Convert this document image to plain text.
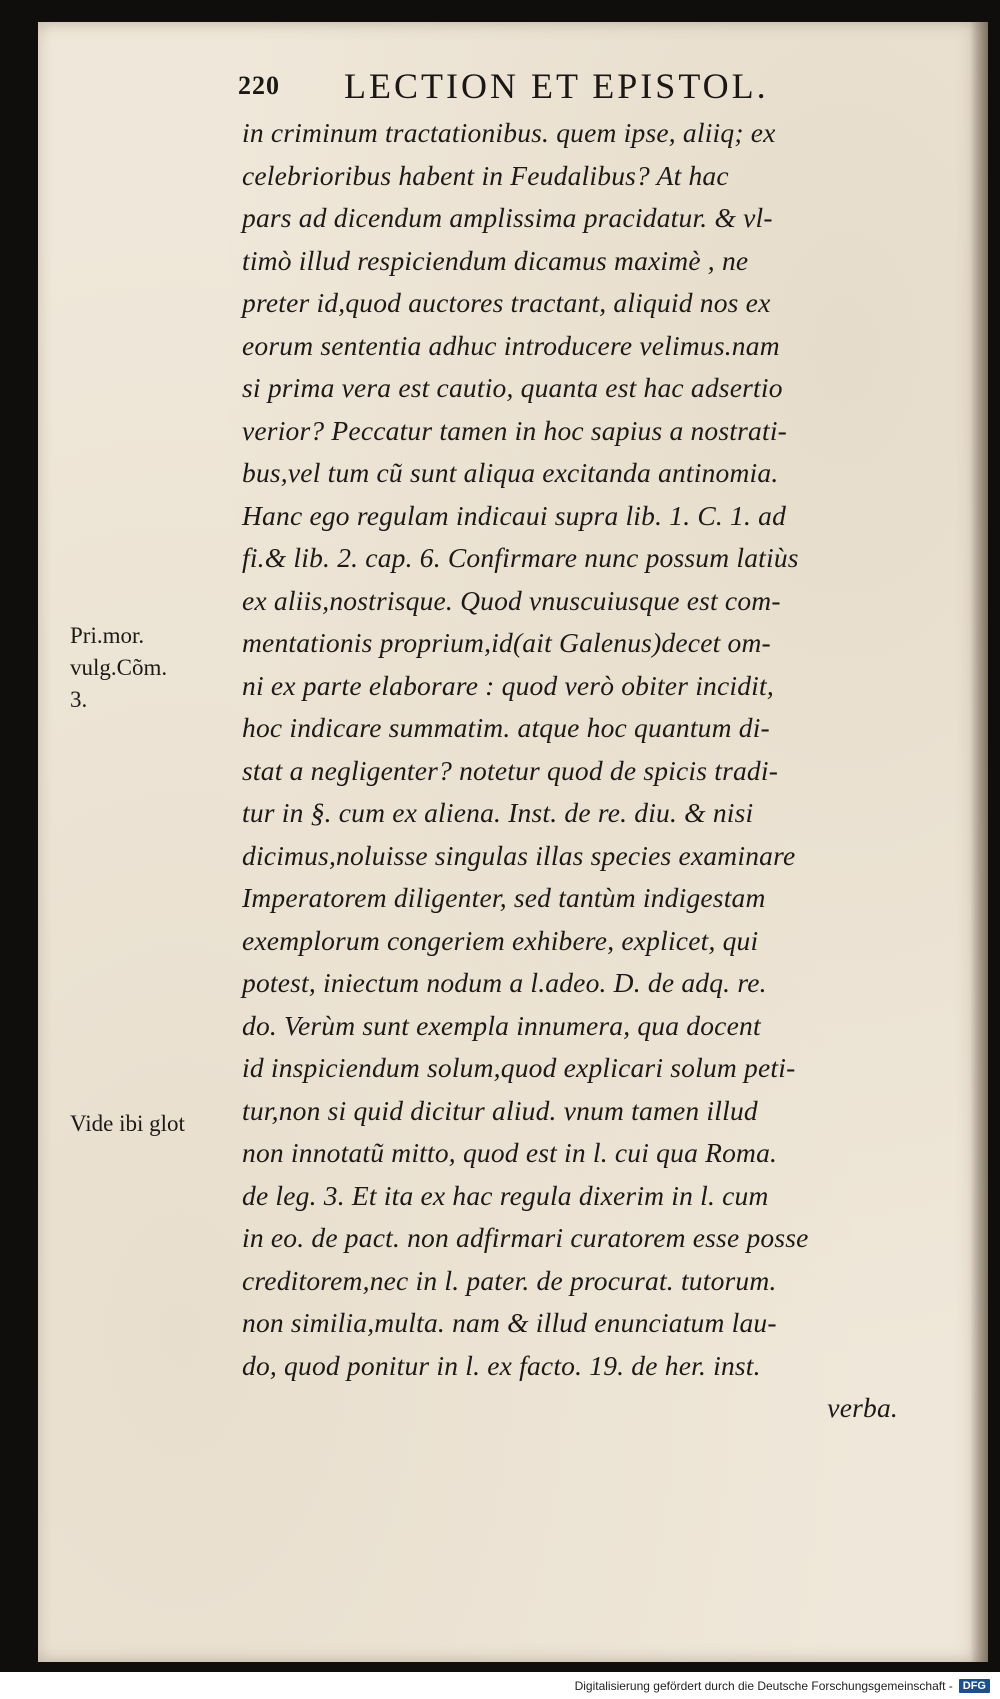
220 LECTION ET EPISTOL.
in criminum tractationibus. quem ipse, aliiq; ex
celebrioribus habent in Feudalibus? At hac
pars ad dicendum amplissima pracidatur. & vl-
timò illud respiciendum dicamus maximè , ne
preter id,quod auctores tractant, aliquid nos ex
eorum sententia adhuc introducere velimus.nam
si prima vera est cautio, quanta est hac adsertio
verior? Peccatur tamen in hoc sapius a nostrati-
bus,vel tum cũ sunt aliqua excitanda antinomia.
Hanc ego regulam indicaui supra lib. 1. C. 1. ad
fi.& lib. 2. cap. 6. Confirmare nunc possum latiùs
ex aliis,nostrisque. Quod vnuscuiusque est com-
mentationis proprium,id(ait Galenus)decet om-
ni ex parte elaborare : quod verò obiter incidit,
hoc indicare summatim. atque hoc quantum di-
stat a negligenter? notetur quod de spicis tradi-
tur in §. cum ex aliena. Inst. de re. diu. & nisi
dicimus,noluisse singulas illas species examinare
Imperatorem diligenter, sed tantùm indigestam
exemplorum congeriem exhibere, explicet, qui
potest, iniectum nodum a l.adeo. D. de adq. re.
do. Verùm sunt exempla innumera, qua docent
id inspiciendum solum,quod explicari solum peti-
tur,non si quid dicitur aliud. vnum tamen illud
non innotatũ mitto, quod est in l. cui qua Roma.
de leg. 3. Et ita ex hac regula dixerim in l. cum
in eo. de pact. non adfirmari curatorem esse posse
creditorem,nec in l. pater. de procurat. tutorum.
non similia,multa. nam & illud enunciatum lau-
do, quod ponitur in l. ex facto. 19. de her. inst.
verba.
Pri.mor.
vulg.Cõm.
3.
Vide ibi glot
Digitalisierung gefördert durch die Deutsche Forschungsgemeinschaft - DFG
